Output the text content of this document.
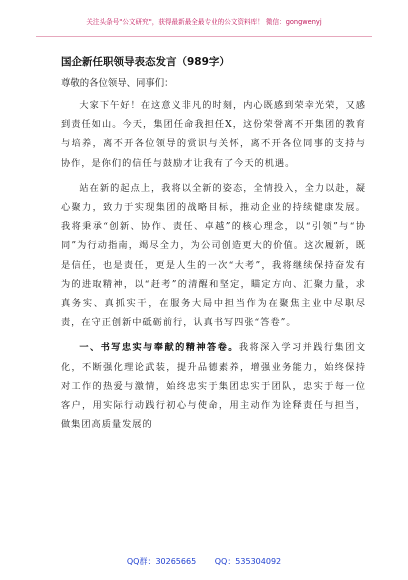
关注头条号"公文研究"，获得最新最全最专业的公文资料库！ 微信：gongwenyj
国企新任职领导表态发言（989字）
尊敬的各位领导、同事们：

大家下午好！在这意义非凡的时刻，内心既感到荣幸光荣，又感到责任如山。今天，集团任命我担任X，这份荣誉离不开集团的教育与培养，离不开各位领导的赏识与关怀，离不开各位同事的支持与协作，是你们的信任与鼓励才让我有了今天的机遇。

站在新的起点上，我将以全新的姿态，全情投入，全力以赴，凝心聚力，致力于实现集团的战略目标，推动企业的持续健康发展。我将秉承“创新、协作、责任、卓越”的核心理念，以“引领”与“协同”为行动指南，竭尽全力，为公司创造更大的价值。这次履新，既是信任，也是责任，更是人生的一次“大考”，我将继续保持奋发有为的进取精神，以“赶考”的清醒和坚定，瞄定方向、汇聚力量，求真务实、真抓实干，在服务大局中担当作为在聚焦主业中尽职尽责，在守正创新中砥砺前行，认真书写四张“答卷”。

一、书写忠实与奉献的精神答卷。我将深入学习并践行集团文化，不断强化理论武装，提升品德素养，增强业务能力，始终保持对工作的热爱与激情，始终忠实于集团忠实于团队，忠实于每一位客户，用实际行动践行初心与使命，用主动作为诠释责任与担当，做集团高质量发展的

QQ群：30265665 QQ：535304092
